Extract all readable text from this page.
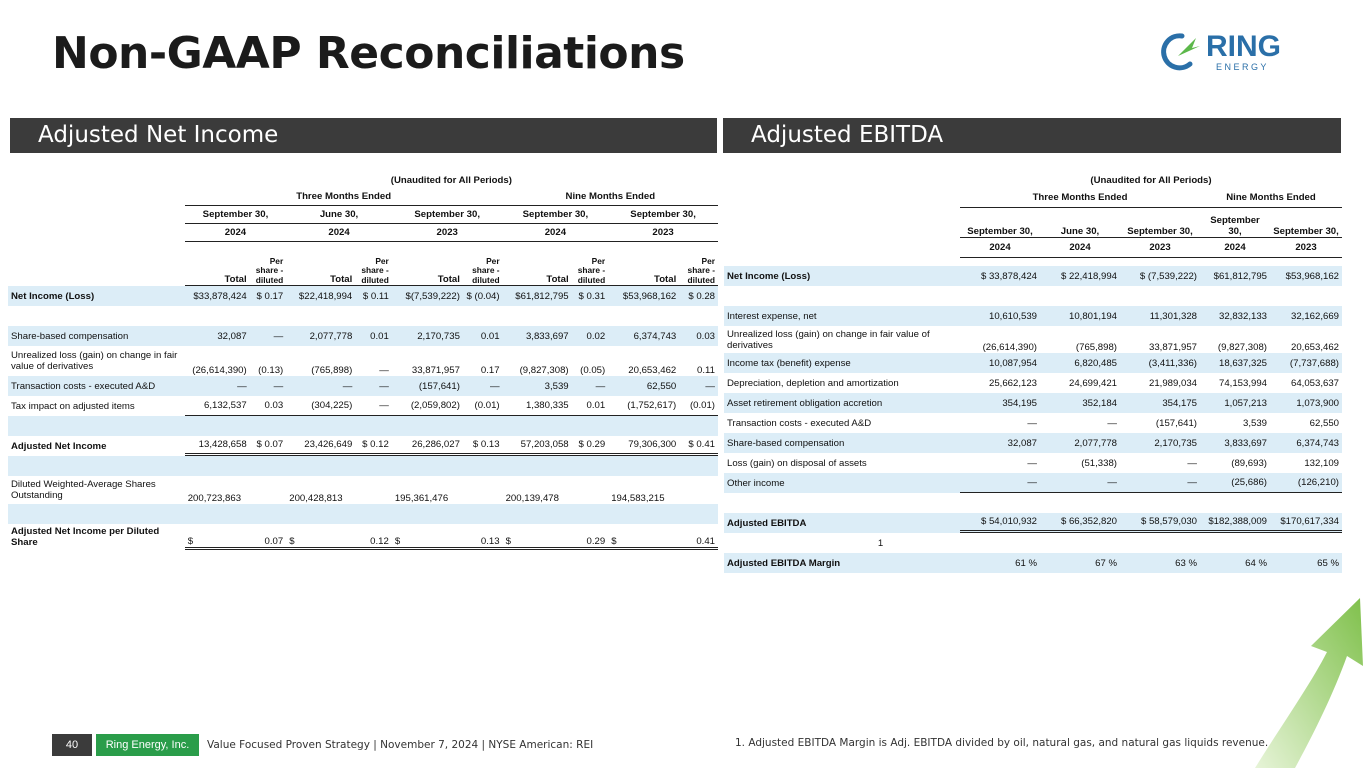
Non-GAAP Reconciliations	RING
E N E R G Y
Adjusted Net Income	Adjusted EBITDA
	(Unaudited for All Periods)									
	Three Months Ended						Nine Months Ended			
	September 30,		June 30,		September 30,		September 30,		September 30,	
	2024		2024		2023		2024		2023	
	Total	Per share - diluted	Total	Per share - diluted	Total	Per share - diluted	Total	Per share - diluted	Total	Per share - diluted
Net Income (Loss)	$33,878,424	$ 0.17	$22,418,994	$ 0.11	$(7,539,222)	$ (0.04)	$61,812,795	$ 0.31	$53,968,162	$ 0.28

Share-based compensation	32,087	—	2,077,778	0.01	2,170,735	0.01	3,833,697	0.02	6,374,743	0.03
Unrealized loss (gain) on change in fair value of derivatives	(26,614,390)	(0.13)	(765,898)	—	33,871,957	0.17	(9,827,308)	(0.05)	20,653,462	0.11
Transaction costs - executed A&D	—	—	—	—	(157,641)	—	3,539	—	62,550	—
Tax impact on adjusted items	6,132,537	0.03	(304,225)	—	(2,059,802)	(0.01)	1,380,335	0.01	(1,752,617)	(0.01)

Adjusted Net Income	13,428,658	$ 0.07	23,426,649	$ 0.12	26,286,027	$ 0.13	57,203,058	$ 0.29	79,306,300	$ 0.41

Diluted Weighted-Average Shares Outstanding	200,723,863		200,428,813		195,361,476		200,139,478		194,583,215	

Adjusted Net Income per Diluted Share	$	0.07	$	0.12	$	0.13	$	0.29	$	0.41
	(Unaudited for All Periods)				
	Three Months Ended			Nine Months Ended	
	September 30,	June 30,	September 30,	September 30,	September 30,
	2024	2024	2023	2024	2023

Net Income (Loss)	$ 33,878,424	$ 22,418,994	$ (7,539,222)	$61,812,795	$53,968,162

Interest expense, net	10,610,539	10,801,194	11,301,328	32,832,133	32,162,669
Unrealized loss (gain) on change in fair value of derivatives	(26,614,390)	(765,898)	33,871,957	(9,827,308)	20,653,462
Income tax (benefit) expense	10,087,954	6,820,485	(3,411,336)	18,637,325	(7,737,688)
Depreciation, depletion and amortization	25,662,123	24,699,421	21,989,034	74,153,994	64,053,637
Asset retirement obligation accretion	354,195	352,184	354,175	1,057,213	1,073,900
Transaction costs - executed A&D	—	—	(157,641)	3,539	62,550
Share-based compensation	32,087	2,077,778	2,170,735	3,833,697	6,374,743
Loss (gain) on disposal of assets	—	(51,338)	—	(89,693)	132,109
Other income	—	—	—	(25,686)	(126,210)

Adjusted EBITDA	$ 54,010,932	$ 66,352,820	$ 58,579,030	$182,388,009	$170,617,334
1					
Adjusted EBITDA Margin	61 %	67 %	63 %	64 %	65 %
40	Ring Energy, Inc.	Value Focused Proven Strategy | November 7, 2024 | NYSE American: REI	1. Adjusted EBITDA Margin is Adj. EBITDA divided by oil, natural gas, and natural gas liquids revenue.
